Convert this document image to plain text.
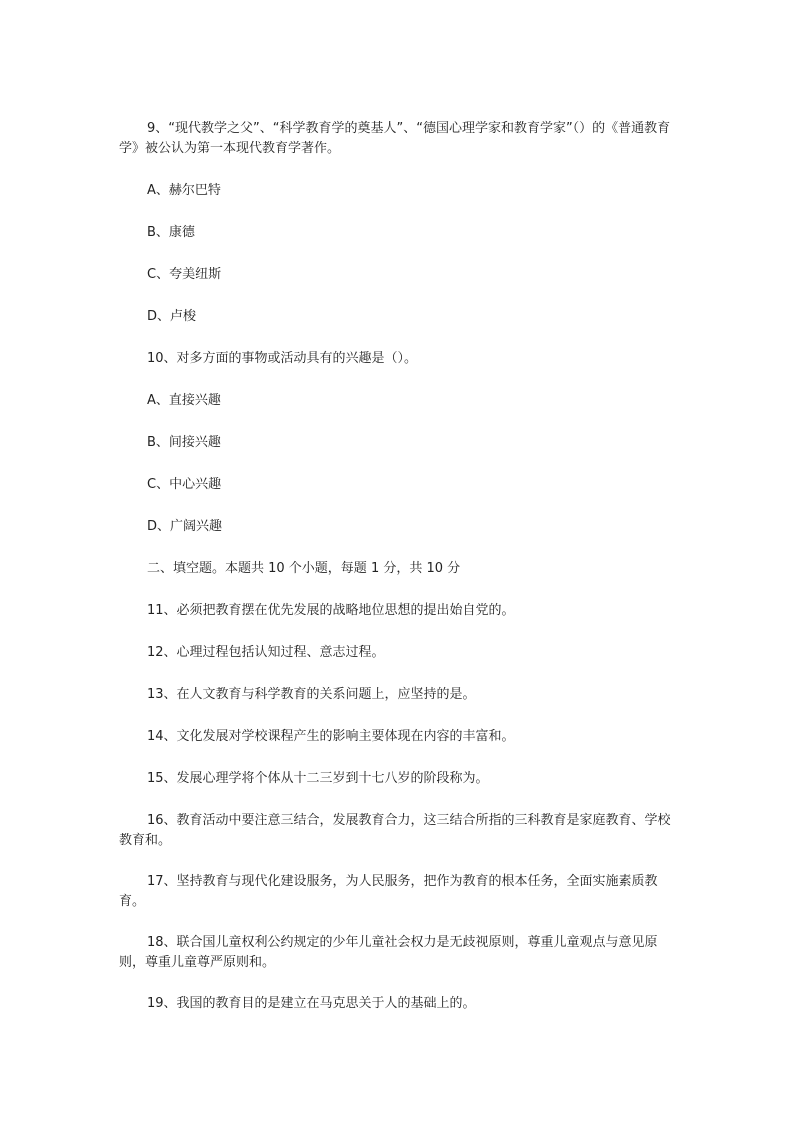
9、“现代教学之父”、“科学教育学的奠基人”、“德国心理学家和教育学家”（）的《普通教育学》被公认为第一本现代教育学著作。

A、赫尔巴特

B、康德

C、夸美纽斯

D、卢梭

10、对多方面的事物或活动具有的兴趣是（）。

A、直接兴趣

B、间接兴趣

C、中心兴趣

D、广阔兴趣

二、填空题。本题共 10 个小题，每题 1 分，共 10 分

11、必须把教育摆在优先发展的战略地位思想的提出始自党的。

12、心理过程包括认知过程、意志过程。

13、在人文教育与科学教育的关系问题上，应坚持的是。

14、文化发展对学校课程产生的影响主要体现在内容的丰富和。

15、发展心理学将个体从十二三岁到十七八岁的阶段称为。

16、教育活动中要注意三结合，发展教育合力，这三结合所指的三科教育是家庭教育、学校教育和。

17、坚持教育与现代化建设服务，为人民服务，把作为教育的根本任务，全面实施素质教育。

18、联合国儿童权利公约规定的少年儿童社会权力是无歧视原则，尊重儿童观点与意见原则，尊重儿童尊严原则和。

19、我国的教育目的是建立在马克思关于人的基础上的。
